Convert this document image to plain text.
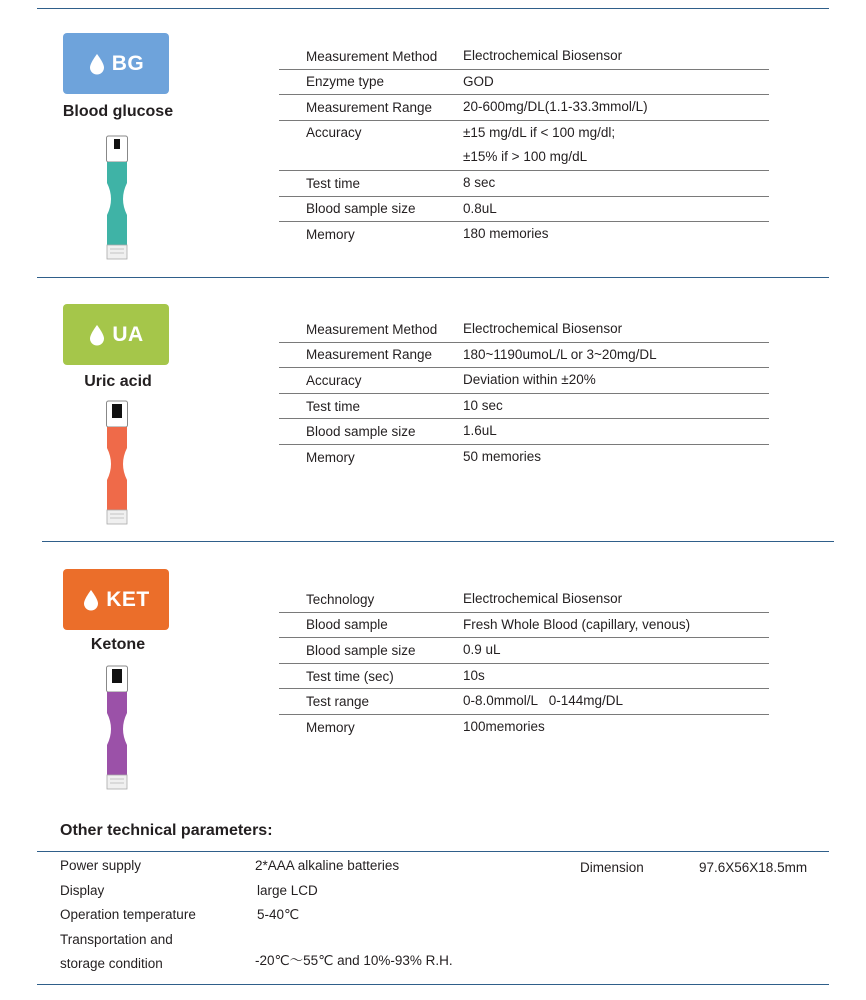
BG
Blood glucose
Measurement Method	Electrochemical Biosensor
Enzyme type	GOD
Measurement Range	20-600mg/DL(1.1-33.3mmol/L)
Accuracy	±15 mg/dL if < 100 mg/dl;
±15% if > 100 mg/dL
Test time	8 sec
Blood sample size	0.8uL
Memory	180 memories
UA
Uric acid
Measurement Method	Electrochemical Biosensor
Measurement Range	180~1190umoL/L or 3~20mg/DL
Accuracy	Deviation within ±20%
Test time	10 sec
Blood sample size	1.6uL
Memory	50 memories
KET
Ketone
Technology	Electrochemical Biosensor
Blood sample	Fresh Whole Blood (capillary, venous)
Blood sample size	0.9 uL
Test time (sec)	10s
Test range	0-8.0mmol/L   0-144mg/DL
Memory	100memories
Other technical parameters:
Power supply	2*AAA alkaline batteries	Dimension	97.6X56X18.5mm
Display	large LCD
Operation temperature	5-40℃
Transportation and
storage condition	-20℃～55℃ and 10%-93% R.H.
